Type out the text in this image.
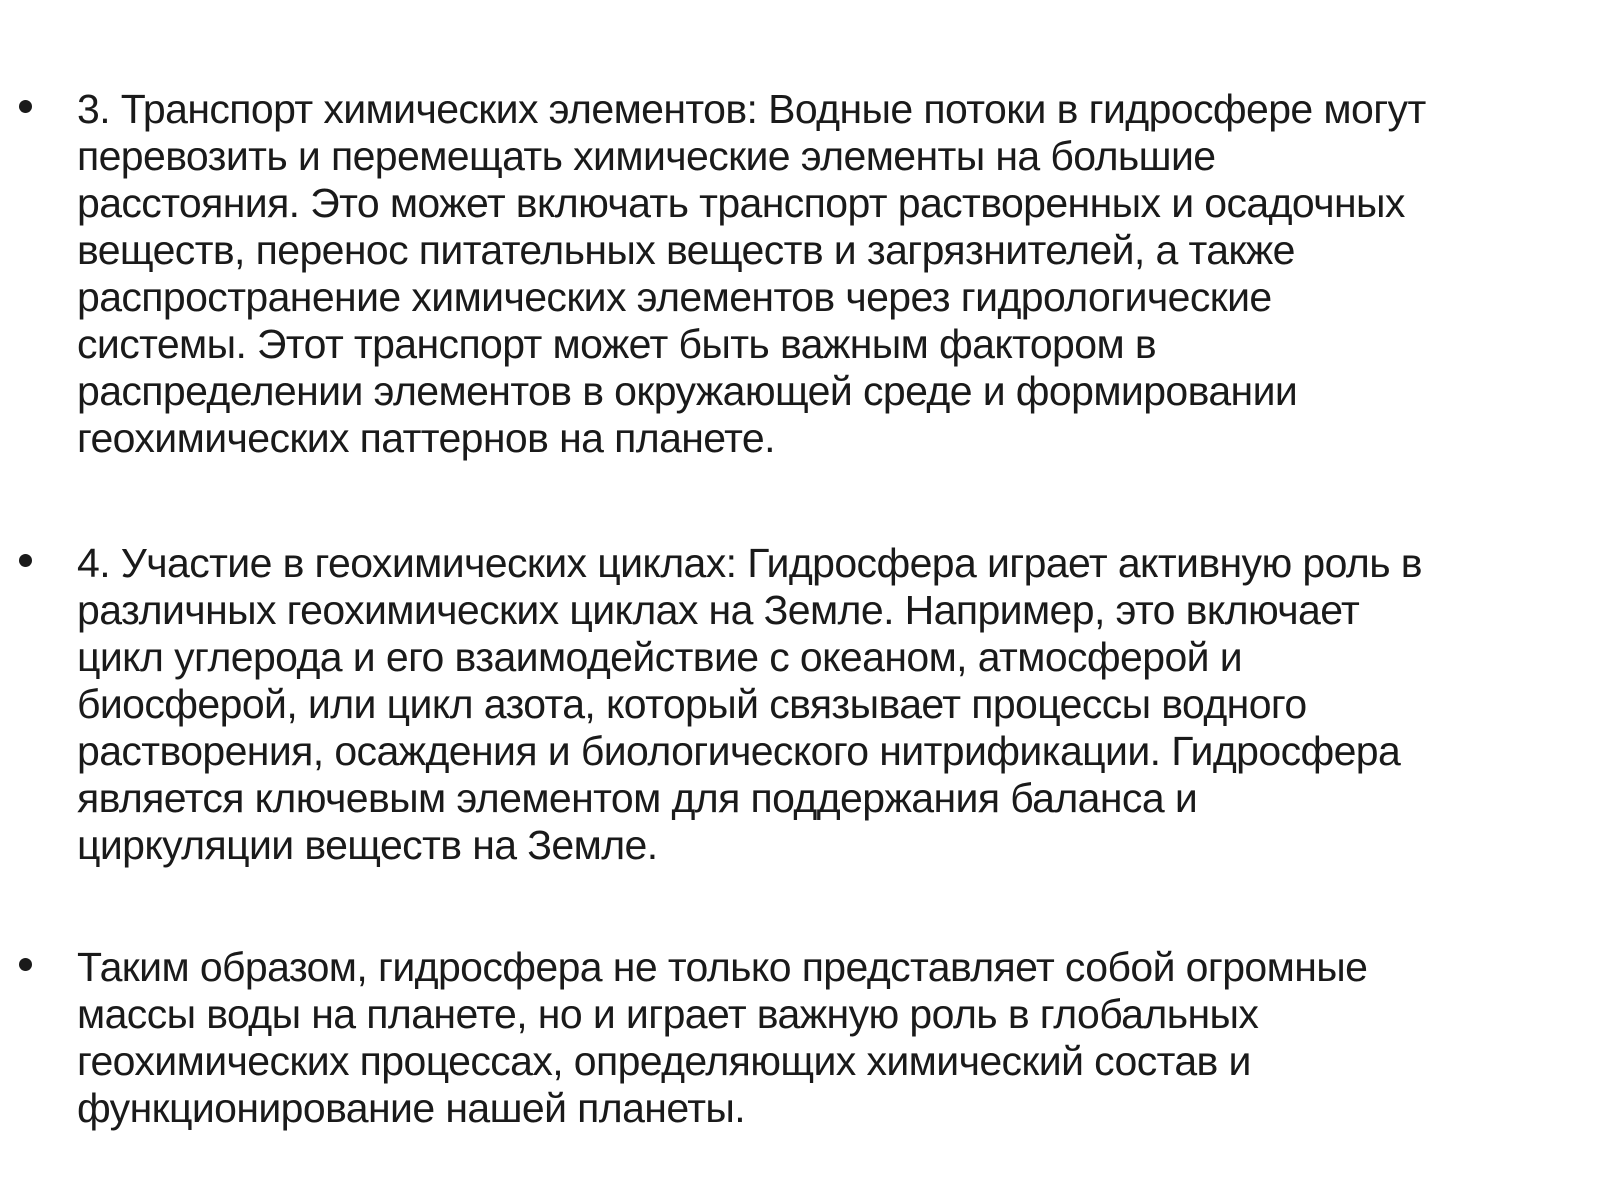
3. Транспорт химических элементов: Водные потоки в гидросфере могут
перевозить и перемещать химические элементы на большие
расстояния. Это может включать транспорт растворенных и осадочных
веществ, перенос питательных веществ и загрязнителей, а также
распространение химических элементов через гидрологические
системы. Этот транспорт может быть важным фактором в
распределении элементов в окружающей среде и формировании
геохимических паттернов на планете.

4. Участие в геохимических циклах: Гидросфера играет активную роль в
различных геохимических циклах на Земле. Например, это включает
цикл углерода и его взаимодействие с океаном, атмосферой и
биосферой, или цикл азота, который связывает процессы водного
растворения, осаждения и биологического нитрификации. Гидросфера
является ключевым элементом для поддержания баланса и
циркуляции веществ на Земле.

Таким образом, гидросфера не только представляет собой огромные
массы воды на планете, но и играет важную роль в глобальных
геохимических процессах, определяющих химический состав и
функционирование нашей планеты.
